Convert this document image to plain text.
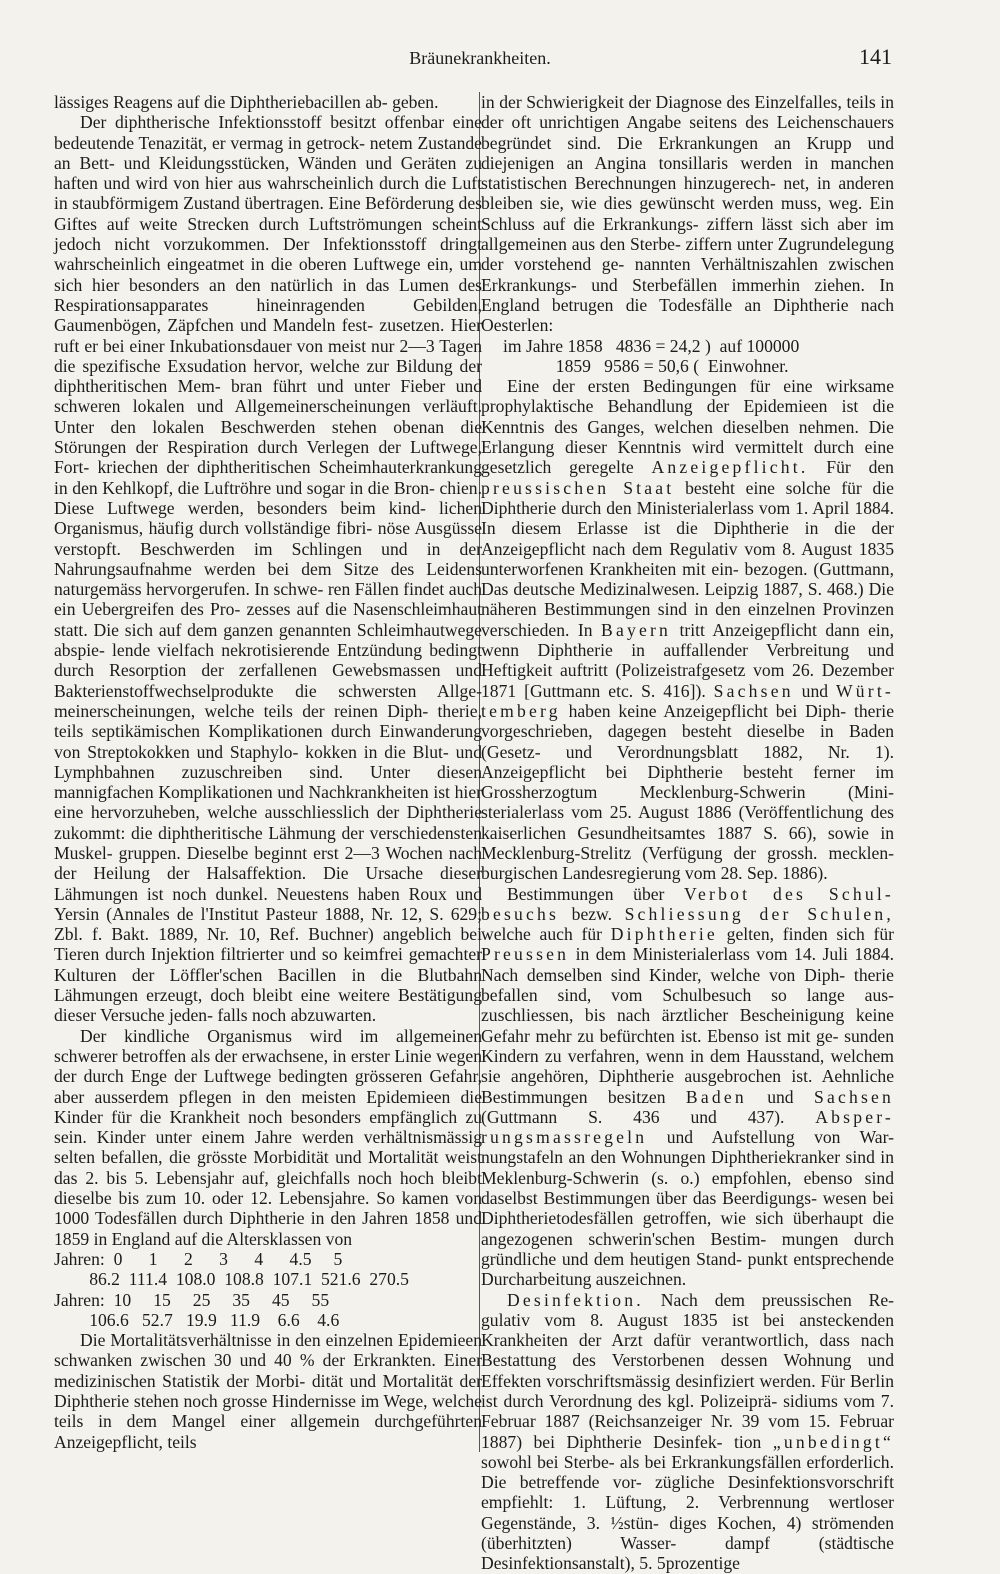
Bräunekrankheiten.	141

lässiges Reagens auf die Diphtheriebacillen ab- geben.

Der diphtherische Infektionsstoff besitzt offenbar eine bedeutende Tenazität, er vermag in getrock- netem Zustande an Bett- und Kleidungsstücken, Wänden und Geräten zu haften und wird von hier aus wahrscheinlich durch die Luft in staubförmigem Zustand übertragen. Eine Beförderung des Giftes auf weite Strecken durch Luftströmungen scheint jedoch nicht vorzukommen. Der Infektionsstoff dringt wahrscheinlich eingeatmet in die oberen Luftwege ein, um sich hier besonders an den natürlich in das Lumen des Respirationsapparates hineinragenden Gebilden, Gaumenbögen, Zäpfchen und Mandeln fest- zusetzen. Hier ruft er bei einer Inkubationsdauer von meist nur 2—3 Tagen die spezifische Exsudation hervor, welche zur Bildung der diphtheritischen Mem- bran führt und unter Fieber und schweren lokalen und Allgemeinerscheinungen verläuft. Unter den lokalen Beschwerden stehen obenan die Störungen der Respiration durch Verlegen der Luftwege, Fort- kriechen der diphtheritischen Scheimhauterkrankung in den Kehlkopf, die Luftröhre und sogar in die Bron- chien. Diese Luftwege werden, besonders beim kind- lichen Organismus, häufig durch vollständige fibri- nöse Ausgüsse verstopft. Beschwerden im Schlingen und in der Nahrungsaufnahme werden bei dem Sitze des Leidens naturgemäss hervorgerufen. In schwe- ren Fällen findet auch ein Uebergreifen des Pro- zesses auf die Nasenschleimhaut statt. Die sich auf dem ganzen genannten Schleimhautwege abspie- lende vielfach nekrotisierende Entzündung bedingt durch Resorption der zerfallenen Gewebsmassen und Bakterienstoffwechselprodukte die schwersten Allge- meinerscheinungen, welche teils der reinen Diph- therie, teils septikämischen Komplikationen durch Einwanderung von Streptokokken und Staphylo- kokken in die Blut- und Lymphbahnen zuzuschreiben sind. Unter diesen mannigfachen Komplikationen und Nachkrankheiten ist hier eine hervorzuheben, welche ausschliesslich der Diphtherie zukommt: die diphtheritische Lähmung der verschiedensten Muskel- gruppen. Dieselbe beginnt erst 2—3 Wochen nach der Heilung der Halsaffektion. Die Ursache dieser Lähmungen ist noch dunkel. Neuestens haben Roux und Yersin (Annales de l'Institut Pasteur 1888, Nr. 12, S. 629; Zbl. f. Bakt. 1889, Nr. 10, Ref. Buchner) angeblich bei Tieren durch Injektion filtrierter und so keimfrei gemachter Kulturen der Löffler'schen Bacillen in die Blutbahn Lähmungen erzeugt, doch bleibt eine weitere Bestätigung dieser Versuche jeden- falls noch abzuwarten.

Der kindliche Organismus wird im allgemeinen schwerer betroffen als der erwachsene, in erster Linie wegen der durch Enge der Luftwege bedingten grösseren Gefahr, aber ausserdem pflegen in den meisten Epidemieen die Kinder für die Krankheit noch besonders empfänglich zu sein. Kinder unter einem Jahre werden verhältnismässig selten befallen, die grösste Morbidität und Mortalität weist das 2. bis 5. Lebensjahr auf, gleichfalls noch hoch bleibt dieselbe bis zum 10. oder 12. Lebensjahre. So kamen von 1000 Todesfällen durch Diphtherie in den Jahren 1858 und 1859 in England auf die Altersklassen von

Jahren:  0      1      2      3      4      4.5     5
86.2  111.4  108.0  108.8  107.1  521.6  270.5
Jahren:  10     15     25     35     45     55
106.6   52.7   19.9   11.9    6.6    4.6

Die Mortalitätsverhältnisse in den einzelnen Epidemieen schwanken zwischen 30 und 40 % der Erkrankten. Einer medizinischen Statistik der Morbi- dität und Mortalität der Diphtherie stehen noch grosse Hindernisse im Wege, welche teils in dem Mangel einer allgemein durchgeführten Anzeigepflicht, teils

in der Schwierigkeit der Diagnose des Einzelfalles, teils in der oft unrichtigen Angabe seitens des Leichenschauers begründet sind. Die Erkrankungen an Krupp und diejenigen an Angina tonsillaris werden in manchen statistischen Berechnungen hinzugerech- net, in anderen bleiben sie, wie dies gewünscht werden muss, weg. Ein Schluss auf die Erkrankungs- ziffern lässt sich aber im allgemeinen aus den Sterbe- ziffern unter Zugrundelegung der vorstehend ge- nannten Verhältniszahlen zwischen Erkrankungs- und Sterbefällen immerhin ziehen. In England betrugen die Todesfälle an Diphtherie nach Oesterlen:

im Jahre 1858   4836 = 24,2 )  auf 100000
1859   9586 = 50,6 (  Einwohner.

Eine der ersten Bedingungen für eine wirksame prophylaktische Behandlung der Epidemieen ist die Kenntnis des Ganges, welchen dieselben nehmen. Die Erlangung dieser Kenntnis wird vermittelt durch eine gesetzlich geregelte Anzeigepflicht. Für den preussischen Staat besteht eine solche für die Diphtherie durch den Ministerialerlass vom 1. April 1884. In diesem Erlasse ist die Diphtherie in die der Anzeigepflicht nach dem Regulativ vom 8. August 1835 unterworfenen Krankheiten mit ein- bezogen. (Guttmann, Das deutsche Medizinalwesen. Leipzig 1887, S. 468.) Die näheren Bestimmungen sind in den einzelnen Provinzen verschieden. In Bayern tritt Anzeigepflicht dann ein, wenn Diphtherie in auffallender Verbreitung und Heftigkeit auftritt (Polizeistrafgesetz vom 26. Dezember 1871 [Guttmann etc. S. 416]). Sachsen und Würt- temberg haben keine Anzeigepflicht bei Diph- therie vorgeschrieben, dagegen besteht dieselbe in Baden (Gesetz- und Verordnungsblatt 1882, Nr. 1). Anzeigepflicht bei Diphtherie besteht ferner im Grossherzogtum Mecklenburg-Schwerin (Mini- sterialerlass vom 25. August 1886 (Veröffentlichung des kaiserlichen Gesundheitsamtes 1887 S. 66), sowie in Mecklenburg-Strelitz (Verfügung der grossh. mecklen- burgischen Landesregierung vom 28. Sep. 1886).

Bestimmungen über Verbot des Schul- besuchs bezw. Schliessung der Schulen, welche auch für Diphtherie gelten, finden sich für Preussen in dem Ministerialerlass vom 14. Juli 1884. Nach demselben sind Kinder, welche von Diph- therie befallen sind, vom Schulbesuch so lange aus- zuschliessen, bis nach ärztlicher Bescheinigung keine Gefahr mehr zu befürchten ist. Ebenso ist mit ge- sunden Kindern zu verfahren, wenn in dem Hausstand, welchem sie angehören, Diphtherie ausgebrochen ist. Aehnliche Bestimmungen besitzen Baden und Sachsen (Guttmann S. 436 und 437). Absper- rungsmassregeln und Aufstellung von War- nungstafeln an den Wohnungen Diphtheriekranker sind in Meklenburg-Schwerin (s. o.) empfohlen, ebenso sind daselbst Bestimmungen über das Beerdigungs- wesen bei Diphtherietodesfällen getroffen, wie sich überhaupt die angezogenen schwerin'schen Bestim- mungen durch gründliche und dem heutigen Stand- punkt entsprechende Durcharbeitung auszeichnen.

Desinfektion. Nach dem preussischen Re- gulativ vom 8. August 1835 ist bei ansteckenden Krankheiten der Arzt dafür verantwortlich, dass nach Bestattung des Verstorbenen dessen Wohnung und Effekten vorschriftsmässig desinfiziert werden. Für Berlin ist durch Verordnung des kgl. Polizeiprä- sidiums vom 7. Februar 1887 (Reichsanzeiger Nr. 39 vom 15. Februar 1887) bei Diphtherie Desinfek- tion „unbedingt“ sowohl bei Sterbe- als bei Erkrankungsfällen erforderlich. Die betreffende vor- zügliche Desinfektionsvorschrift empfiehlt: 1. Lüftung, 2. Verbrennung wertloser Gegenstände, 3. ½stün- diges Kochen, 4) strömenden (überhitzten) Wasser- dampf (städtische Desinfektionsanstalt), 5. 5prozentige
